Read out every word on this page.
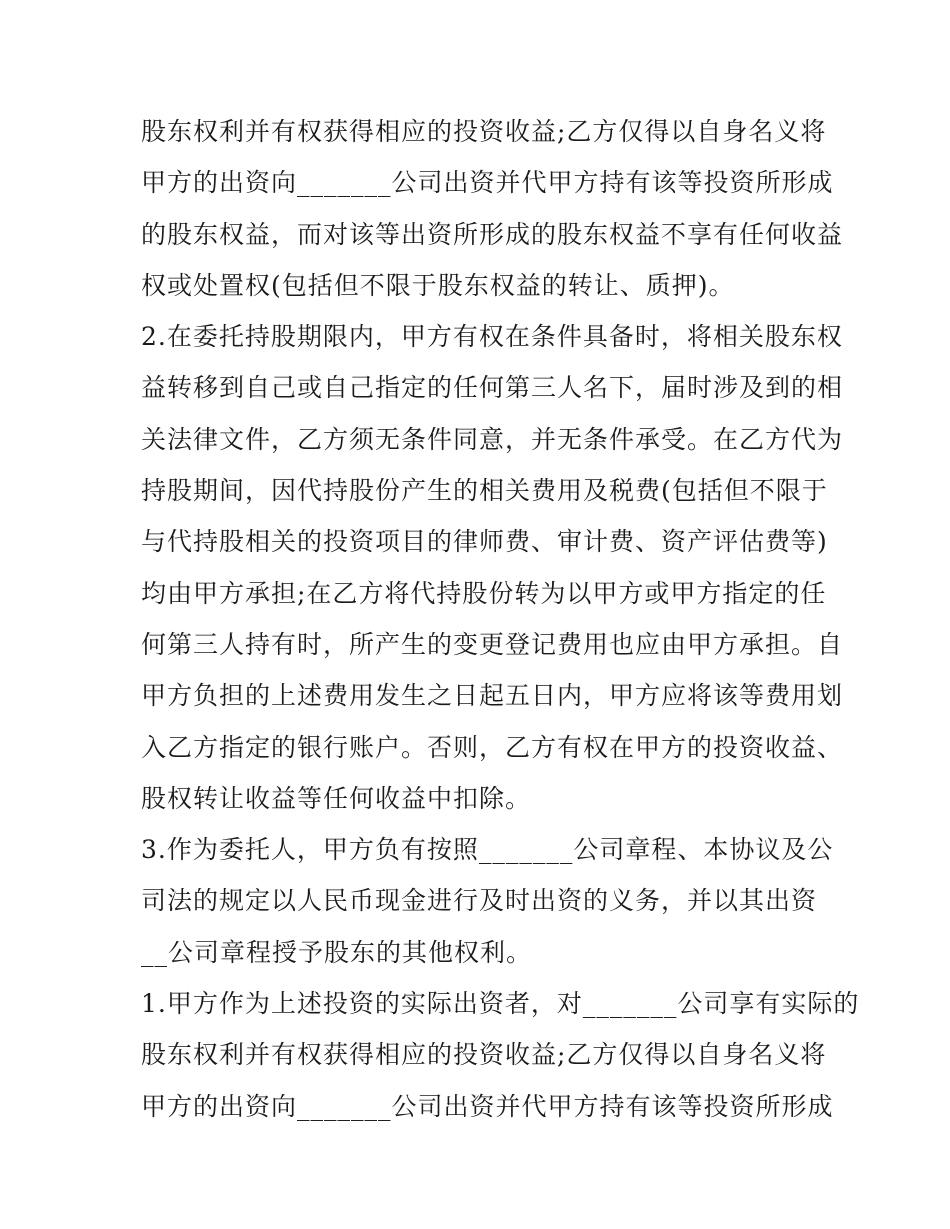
股东权利并有权获得相应的投资收益;乙方仅得以自身名义将
甲方的出资向_______公司出资并代甲方持有该等投资所形成
的股东权益，而对该等出资所形成的股东权益不享有任何收益
权或处置权(包括但不限于股东权益的转让、质押)。
2.在委托持股期限内，甲方有权在条件具备时，将相关股东权
益转移到自己或自己指定的任何第三人名下，届时涉及到的相
关法律文件，乙方须无条件同意，并无条件承受。在乙方代为
持股期间，因代持股份产生的相关费用及税费(包括但不限于
与代持股相关的投资项目的律师费、审计费、资产评估费等)
均由甲方承担;在乙方将代持股份转为以甲方或甲方指定的任
何第三人持有时，所产生的变更登记费用也应由甲方承担。自
甲方负担的上述费用发生之日起五日内，甲方应将该等费用划
入乙方指定的银行账户。否则，乙方有权在甲方的投资收益、
股权转让收益等任何收益中扣除。
3.作为委托人，甲方负有按照_______公司章程、本协议及公
司法的规定以人民币现金进行及时出资的义务，并以其出资
__公司章程授予股东的其他权利。
1.甲方作为上述投资的实际出资者，对_______公司享有实际的
股东权利并有权获得相应的投资收益;乙方仅得以自身名义将
甲方的出资向_______公司出资并代甲方持有该等投资所形成
